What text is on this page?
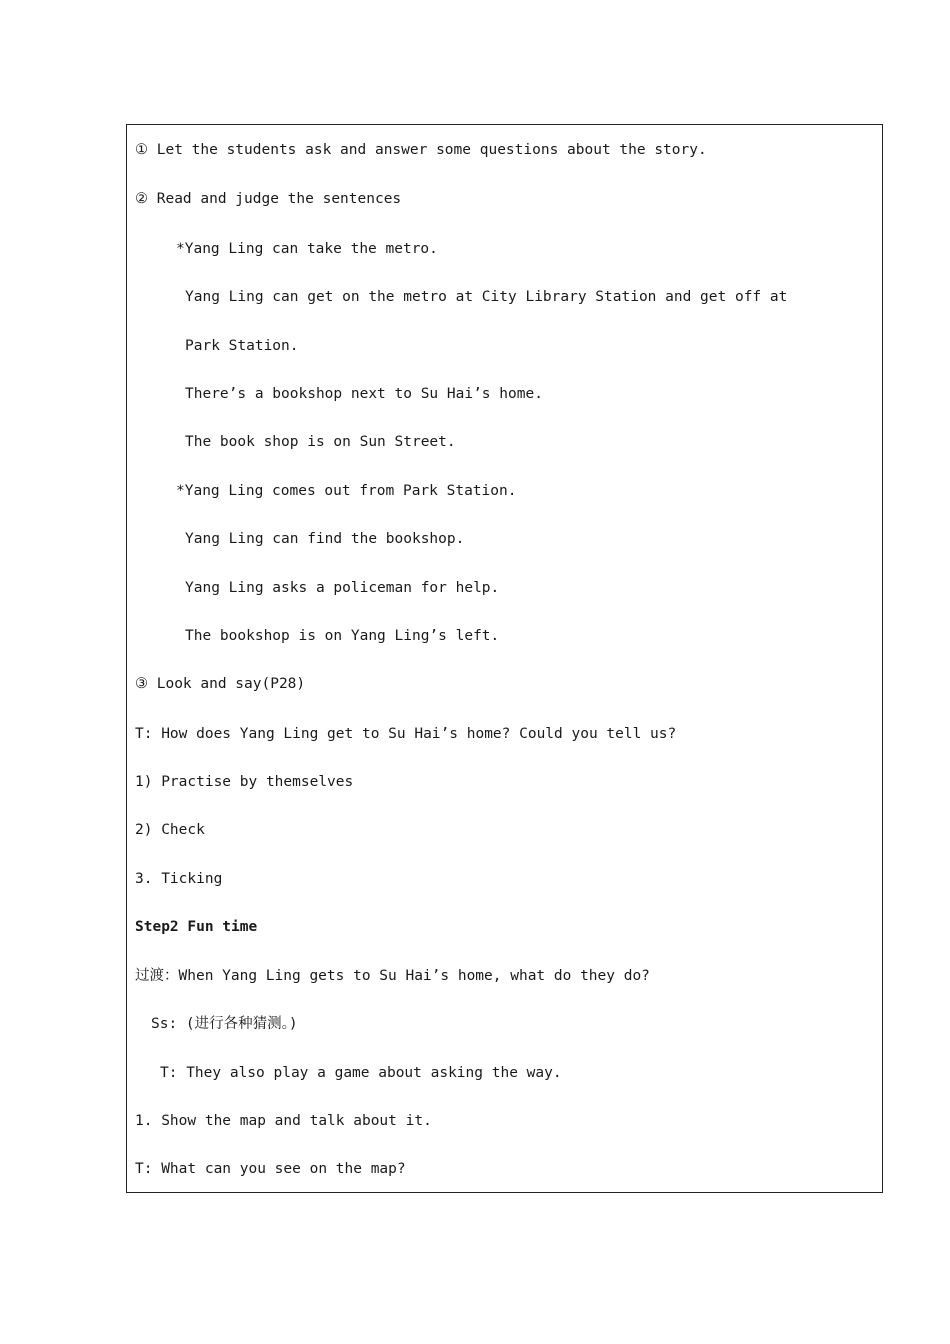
① Let the students ask and answer some questions about the story.
② Read and judge the sentences
*Yang Ling can take the metro.
Yang Ling can get on the metro at City Library Station and get off at
Park Station.
There’s a bookshop next to Su Hai’s home.
The book shop is on Sun Street.
*Yang Ling comes out from Park Station.
Yang Ling can find the bookshop.
Yang Ling asks a policeman for help.
The bookshop is on Yang Ling’s left.
③ Look and say(P28)
T: How does Yang Ling get to Su Hai’s home? Could you tell us?
1) Practise by themselves
2) Check
3. Ticking
Step2 Fun time
过渡：When Yang Ling gets to Su Hai’s home, what do they do?
Ss: (进行各种猜测。)
T: They also play a game about asking the way.
1. Show the map and talk about it.
T: What can you see on the map?
